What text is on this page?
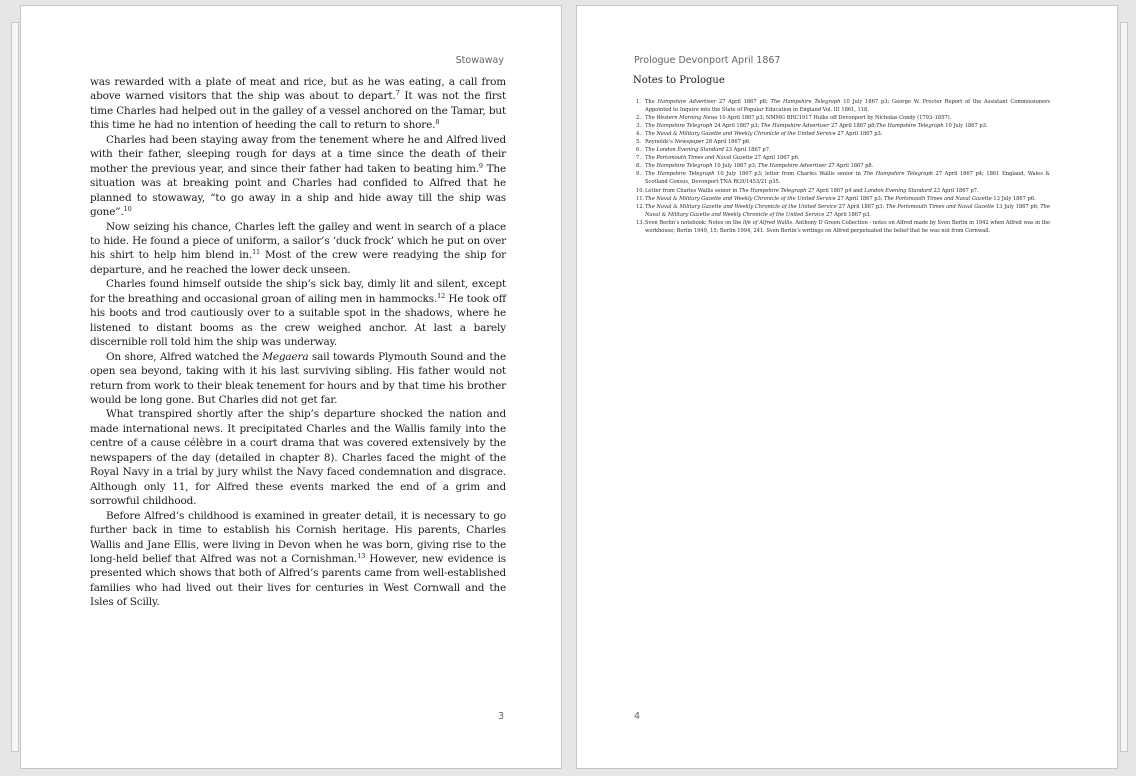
Stowaway

was rewarded with a plate of meat and rice, but as he was eating, a call from above warned visitors that the ship was about to depart.$^7$ It was not the first time Charles had helped out in the galley of a vessel anchored on the Tamar, but this time he had no intention of heeding the call to return to shore.$^8$

Charles had been staying away from the tenement where he and Alfred lived with their father, sleeping rough for days at a time since the death of their mother the previous year, and since their father had taken to beating him.$^9$ The situation was at breaking point and Charles had confided to Alfred that he planned to stowaway, “to go away in a ship and hide away till the ship was gone”.$^{10}$

Now seizing his chance, Charles left the galley and went in search of a place to hide. He found a piece of uniform, a sailor’s ‘duck frock’ which he put on over his shirt to help him blend in.$^{11}$ Most of the crew were readying the ship for departure, and he reached the lower deck unseen.

Charles found himself outside the ship’s sick bay, dimly lit and silent, except for the breathing and occasional groan of ailing men in hammocks.$^{12}$ He took off his boots and trod cautiously over to a suitable spot in the shadows, where he listened to distant booms as the crew weighed anchor. At last a barely discernible roll told him the ship was underway.

On shore, Alfred watched the Megaera sail towards Plymouth Sound and the open sea beyond, taking with it his last surviving sibling. His father would not return from work to their bleak tenement for hours and by that time his brother would be long gone. But Charles did not get far.

What transpired shortly after the ship’s departure shocked the nation and made international news. It precipitated Charles and the Wallis family into the centre of a cause célèbre in a court drama that was covered extensively by the newspapers of the day (detailed in chapter 8). Charles faced the might of the Royal Navy in a trial by jury whilst the Navy faced condemnation and disgrace. Although only 11, for Alfred these events marked the end of a grim and sorrowful childhood.

Before Alfred’s childhood is examined in greater detail, it is necessary to go further back in time to establish his Cornish heritage. His parents, Charles Wallis and Jane Ellis, were living in Devon when he was born, giving rise to the long-held belief that Alfred was not a Cornishman.$^{13}$ However, new evidence is presented which shows that both of Alfred’s parents came from well-established families who had lived out their lives for centuries in West Cornwall and the Isles of Scilly.

3
Prologue Devonport April 1867
Notes to Prologue
1. The Hampshire Advertiser 27 April 1867 p8; The Hampshire Telegraph 10 July 1867 p3; George W. Procter Report of the Assistant Commissioners Appointed to Inquire into the State of Popular Education in England Vol. III 1861, 118.
2. The Western Morning News 10 April 1867 p3; NMMG BHC1917 Hulks off Devonport by Nicholas Condy (1793–1857).
3. The Hampshire Telegraph 24 April 1867 p3; The Hampshire Advertiser 27 April 1867 p8;The Hampshire Telegraph 10 July 1867 p3.
4. The Naval & Military Gazette and Weekly Chronicle of the United Service 27 April 1867 p3.
5. Reynolds’s Newspaper 28 April 1867 p6.
6. The London Evening Standard 23 April 1867 p7.
7. The Portsmouth Times and Naval Gazette 27 April 1867 p6.
8. The Hampshire Telegraph 10 July 1867 p3; The Hampshire Advertiser 27 April 1867 p8.
9. The Hampshire Telegraph 10 July 1867 p3; letter from Charles Wallis senior in The Hampshire Telegraph 27 April 1867 p4; 1861 England, Wales & Scotland Census, Devonport TNA RG9/1453/21 p35.
10. Letter from Charles Wallis senior in The Hampshire Telegraph 27 April 1867 p4 and London Evening Standard 23 April 1867 p7.
11. The Naval & Military Gazette and Weekly Chronicle of the United Service 27 April 1867 p3; The Portsmouth Times and Naval Gazette 13 July 1867 p6.
12. The Naval & Military Gazette and Weekly Chronicle of the United Service 27 April 1867 p3; The Portsmouth Times and Naval Gazette 13 July 1867 p6; The Naval & Military Gazette and Weekly Chronicle of the United Service 27 April 1867 p3.
13. Sven Berlin’s notebook: Notes on the life of Alfred Wallis. Anthony D Green Collection - notes on Alfred made by Sven Berlin in 1942 when Alfred was in the workhouse; Berlin 1949, 15; Berlin 1994, 241. Sven Berlin’s writings on Alfred perpetuated the belief that he was not from Cornwall.
4
